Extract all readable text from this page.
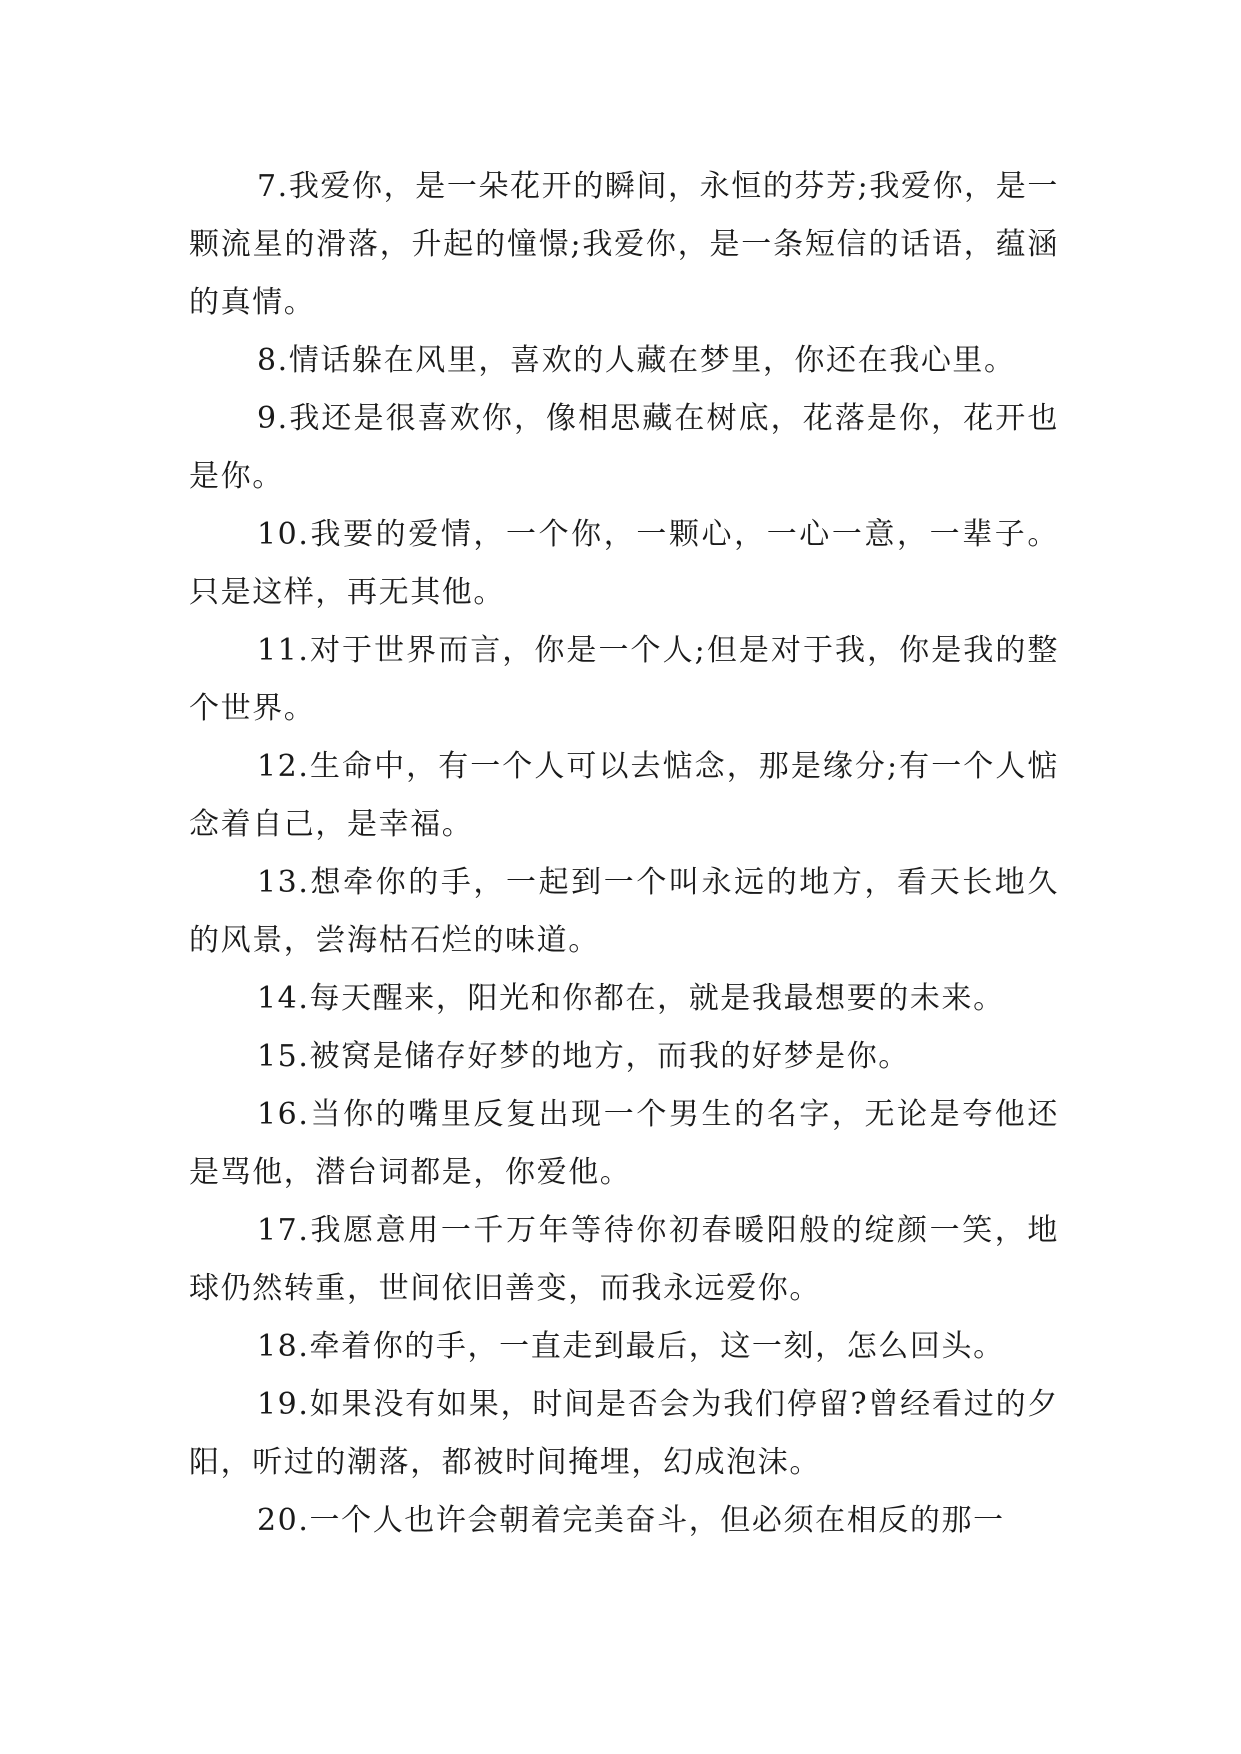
7.我爱你，是一朵花开的瞬间，永恒的芬芳;我爱你，是一颗流星的滑落，升起的憧憬;我爱你，是一条短信的话语，蕴涵的真情。

8.情话躲在风里，喜欢的人藏在梦里，你还在我心里。

9.我还是很喜欢你，像相思藏在树底，花落是你，花开也是你。

10.我要的爱情，一个你，一颗心，一心一意，一辈子。只是这样，再无其他。

11.对于世界而言，你是一个人;但是对于我，你是我的整个世界。

12.生命中，有一个人可以去惦念，那是缘分;有一个人惦念着自己，是幸福。

13.想牵你的手，一起到一个叫永远的地方，看天长地久的风景，尝海枯石烂的味道。

14.每天醒来，阳光和你都在，就是我最想要的未来。

15.被窝是储存好梦的地方，而我的好梦是你。

16.当你的嘴里反复出现一个男生的名字，无论是夸他还是骂他，潜台词都是，你爱他。

17.我愿意用一千万年等待你初春暖阳般的绽颜一笑，地球仍然转重，世间依旧善变，而我永远爱你。

18.牵着你的手，一直走到最后，这一刻，怎么回头。

19.如果没有如果，时间是否会为我们停留?曾经看过的夕阳，听过的潮落，都被时间掩埋，幻成泡沫。

20.一个人也许会朝着完美奋斗，但必须在相反的那一
